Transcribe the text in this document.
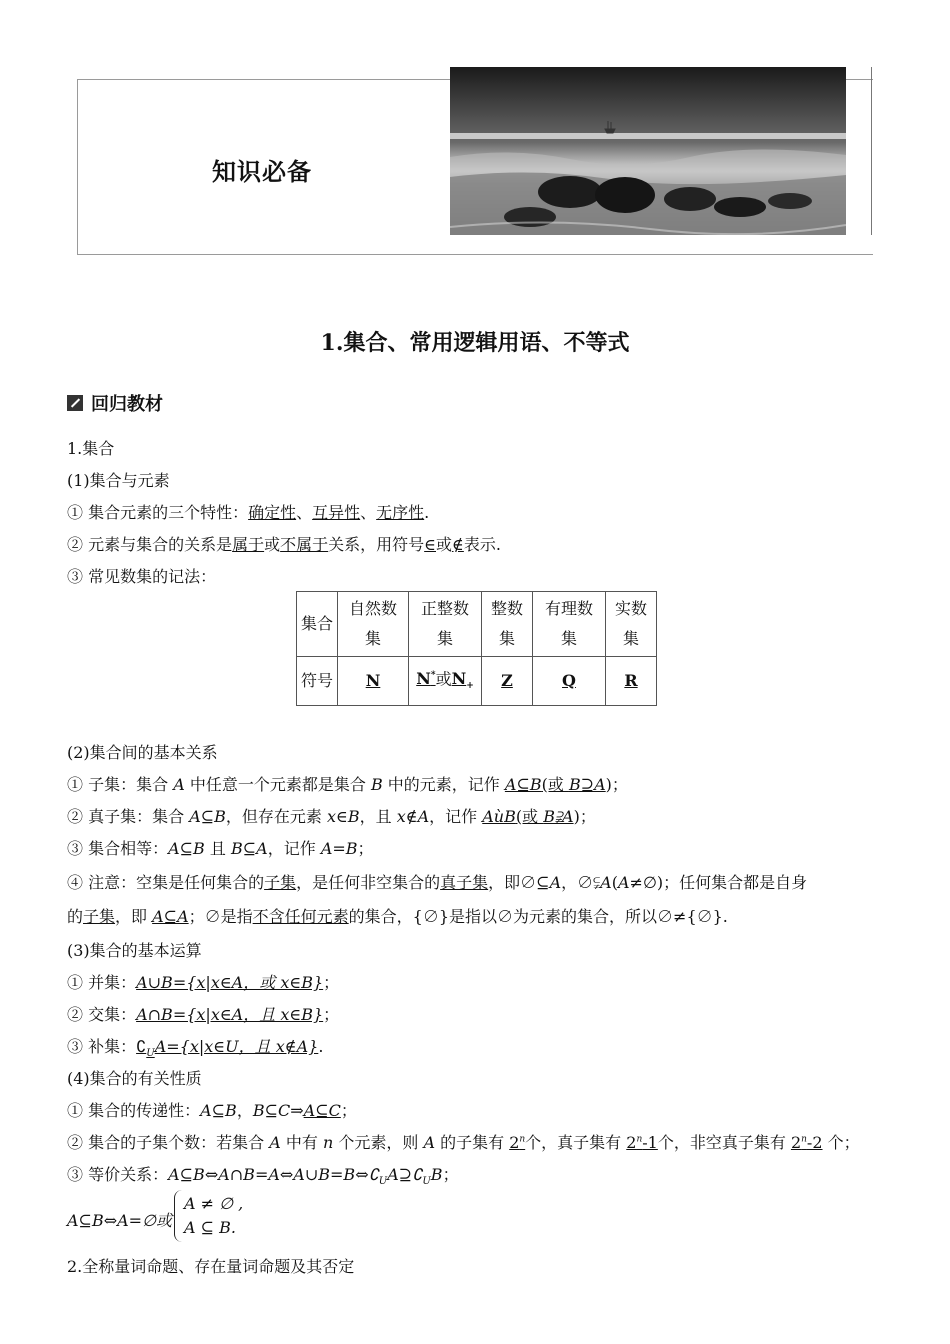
知识必备
1.集合、常用逻辑用语、不等式
回归教材
1.集合
(1)集合与元素
① 集合元素的三个特性：确定性、互异性、无序性.
② 元素与集合的关系是属于或不属于关系，用符号∈或∉表示.
③ 常见数集的记法：
集合	自然数集	正整数集	整数集	有理数集	实数集

符号	N	N*或$N_+$	Z	Q	R
(2)集合间的基本关系
① 子集：集合 A 中任意一个元素都是集合 B 中的元素，记作 A⊆B(或 B⊇A)；
② 真子集：集合 A⊆B，但存在元素 x∈B，且 x∉A，记作 AùB(或 B⫌A)；
③ 集合相等：A⊆B 且 B⊆A，记作 A=B；
④ 注意：空集是任何集合的子集，是任何非空集合的真子集，即∅⊆A，∅⫋A(A≠∅)；任何集合都是自身
的子集，即 A⊆A；∅是指不含任何元素的集合，{∅}是指以∅为元素的集合，所以∅≠{∅}.
(3)集合的基本运算
① 并集：A∪B={x|x∈A，或 x∈B}；
② 交集：A∩B={x|x∈A，且 x∈B}；
③ 补集：$∁_UA=\{x|x\in U$，且 x∉A}.
(4)集合的有关性质
① 集合的传递性：A⊆B，B⊆C⇒A⊆C；
② 集合的子集个数：若集合 A 中有 n 个元素，则 A 的子集有 2$^n$个，真子集有 2$^n$-1个，非空真子集有 2$^n$-2 个；
③ 等价关系：$A⊆B\Leftrightarrow A\cap B=A\Leftrightarrow A\cup B=B\Leftrightarrow∁_UA⊇∁_UB$；
A⊆B⇔A=∅或
A ≠ ∅ ,
A ⊆ B.
2.全称量词命题、存在量词命题及其否定
